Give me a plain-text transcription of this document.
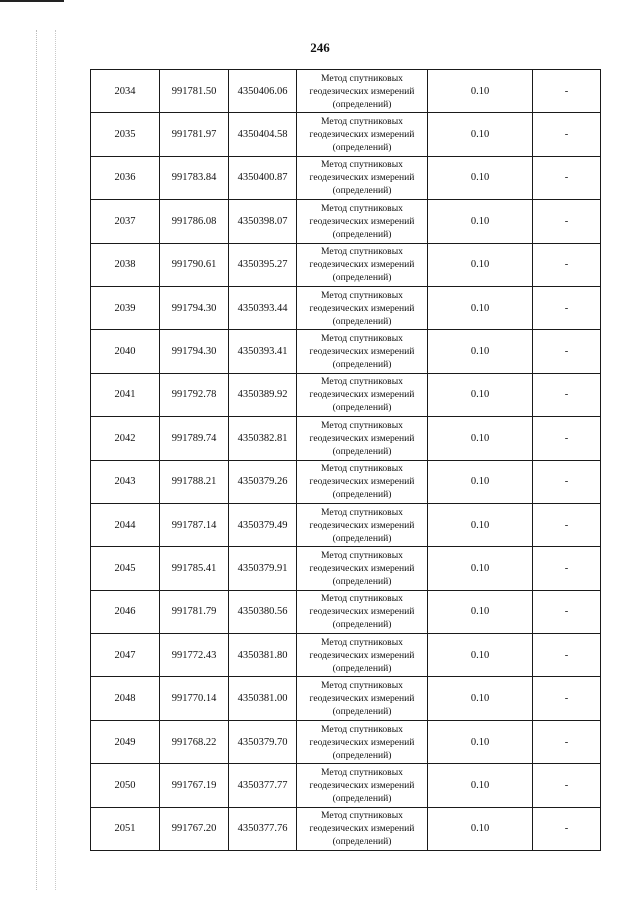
246
2034	991781.50	4350406.06	Метод спутниковых
геодезических измерений
(определений)	0.10	-
2035	991781.97	4350404.58	Метод спутниковых
геодезических измерений
(определений)	0.10	-
2036	991783.84	4350400.87	Метод спутниковых
геодезических измерений
(определений)	0.10	-
2037	991786.08	4350398.07	Метод спутниковых
геодезических измерений
(определений)	0.10	-
2038	991790.61	4350395.27	Метод спутниковых
геодезических измерений
(определений)	0.10	-
2039	991794.30	4350393.44	Метод спутниковых
геодезических измерений
(определений)	0.10	-
2040	991794.30	4350393.41	Метод спутниковых
геодезических измерений
(определений)	0.10	-
2041	991792.78	4350389.92	Метод спутниковых
геодезических измерений
(определений)	0.10	-
2042	991789.74	4350382.81	Метод спутниковых
геодезических измерений
(определений)	0.10	-
2043	991788.21	4350379.26	Метод спутниковых
геодезических измерений
(определений)	0.10	-
2044	991787.14	4350379.49	Метод спутниковых
геодезических измерений
(определений)	0.10	-
2045	991785.41	4350379.91	Метод спутниковых
геодезических измерений
(определений)	0.10	-
2046	991781.79	4350380.56	Метод спутниковых
геодезических измерений
(определений)	0.10	-
2047	991772.43	4350381.80	Метод спутниковых
геодезических измерений
(определений)	0.10	-
2048	991770.14	4350381.00	Метод спутниковых
геодезических измерений
(определений)	0.10	-
2049	991768.22	4350379.70	Метод спутниковых
геодезических измерений
(определений)	0.10	-
2050	991767.19	4350377.77	Метод спутниковых
геодезических измерений
(определений)	0.10	-
2051	991767.20	4350377.76	Метод спутниковых
геодезических измерений
(определений)	0.10	-
